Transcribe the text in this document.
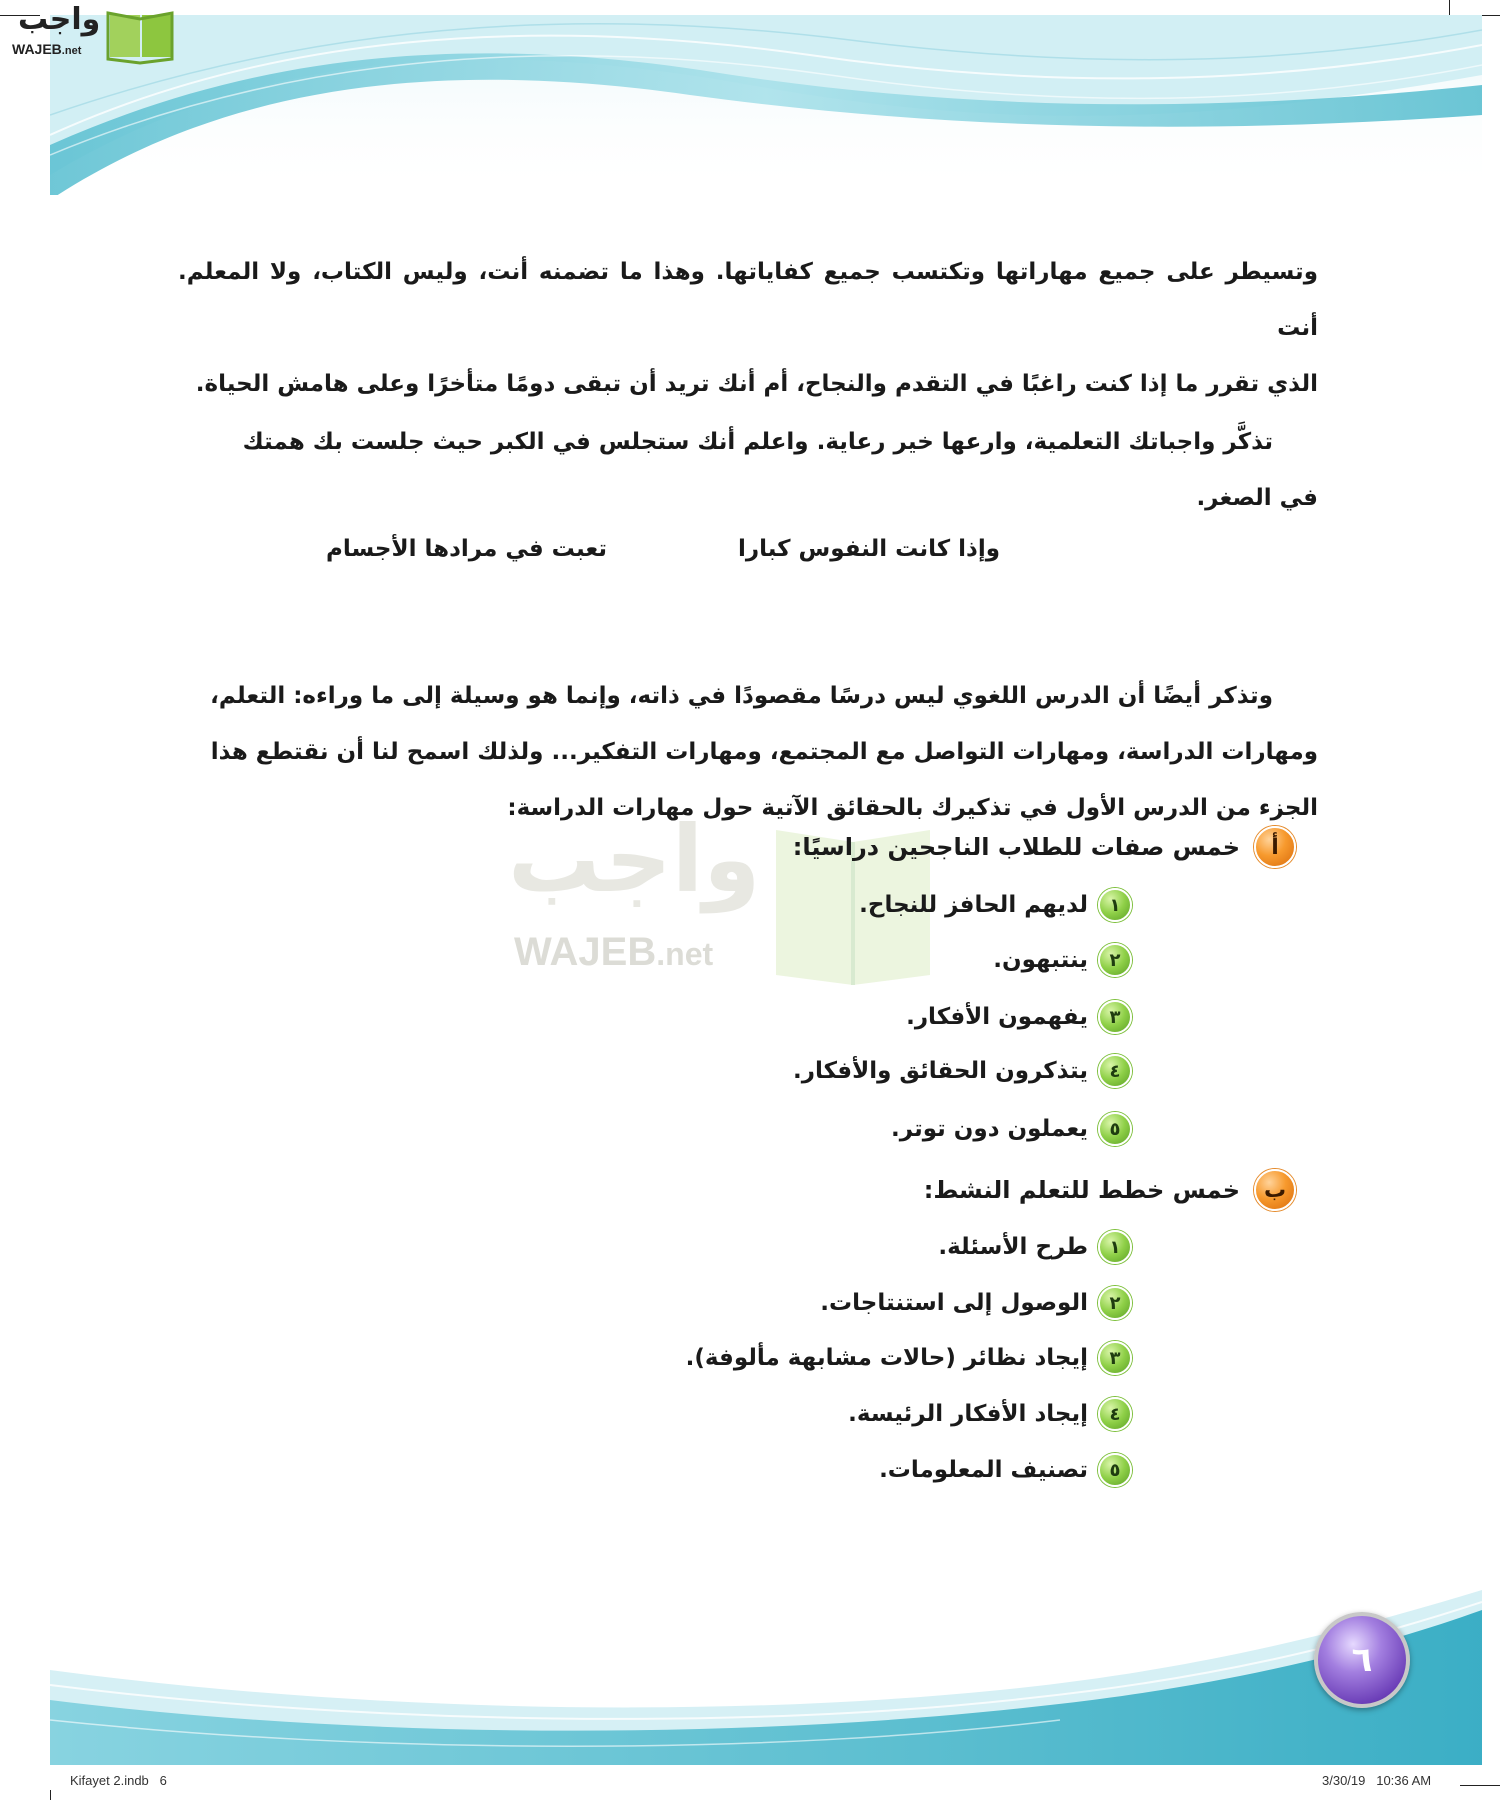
واجب
WAJEB.net
وتسيطر على جميع مهاراتها وتكتسب جميع كفاياتها. وهذا ما تضمنه أنت، وليس الكتاب، ولا المعلم. أنت
الذي تقرر ما إذا كنت راغبًا في التقدم والنجاح، أم أنك تريد أن تبقى دومًا متأخرًا وعلى هامش الحياة.
تذكَّر واجباتك التعلمية، وارعها خير رعاية. واعلم أنك ستجلس في الكبر حيث جلست بك همتك
في الصغر.
وإذا كانت النفوس كبارا
تعبت في مرادها الأجسام
وتذكر أيضًا أن الدرس اللغوي ليس درسًا مقصودًا في ذاته، وإنما هو وسيلة إلى ما وراءه: التعلم،
ومهارات الدراسة، ومهارات التواصل مع المجتمع، ومهارات التفكير... ولذلك اسمح لنا أن نقتطع هذا
الجزء من الدرس الأول في تذكيرك بالحقائق الآتية حول مهارات الدراسة:
واجب
WAJEB.net
أ
خمس صفات للطلاب الناجحين دراسيًا:
١
لديهم الحافز للنجاح.
٢
ينتبهون.
٣
يفهمون الأفكار.
٤
يتذكرون الحقائق والأفكار.
٥
يعملون دون توتر.
ب
خمس خطط للتعلم النشط:
١
طرح الأسئلة.
٢
الوصول إلى استنتاجات.
٣
إيجاد نظائر (حالات مشابهة مألوفة).
٤
إيجاد الأفكار الرئيسة.
٥
تصنيف المعلومات.
٦
Kifayet 2.indb   6	3/30/19   10:36 AM
